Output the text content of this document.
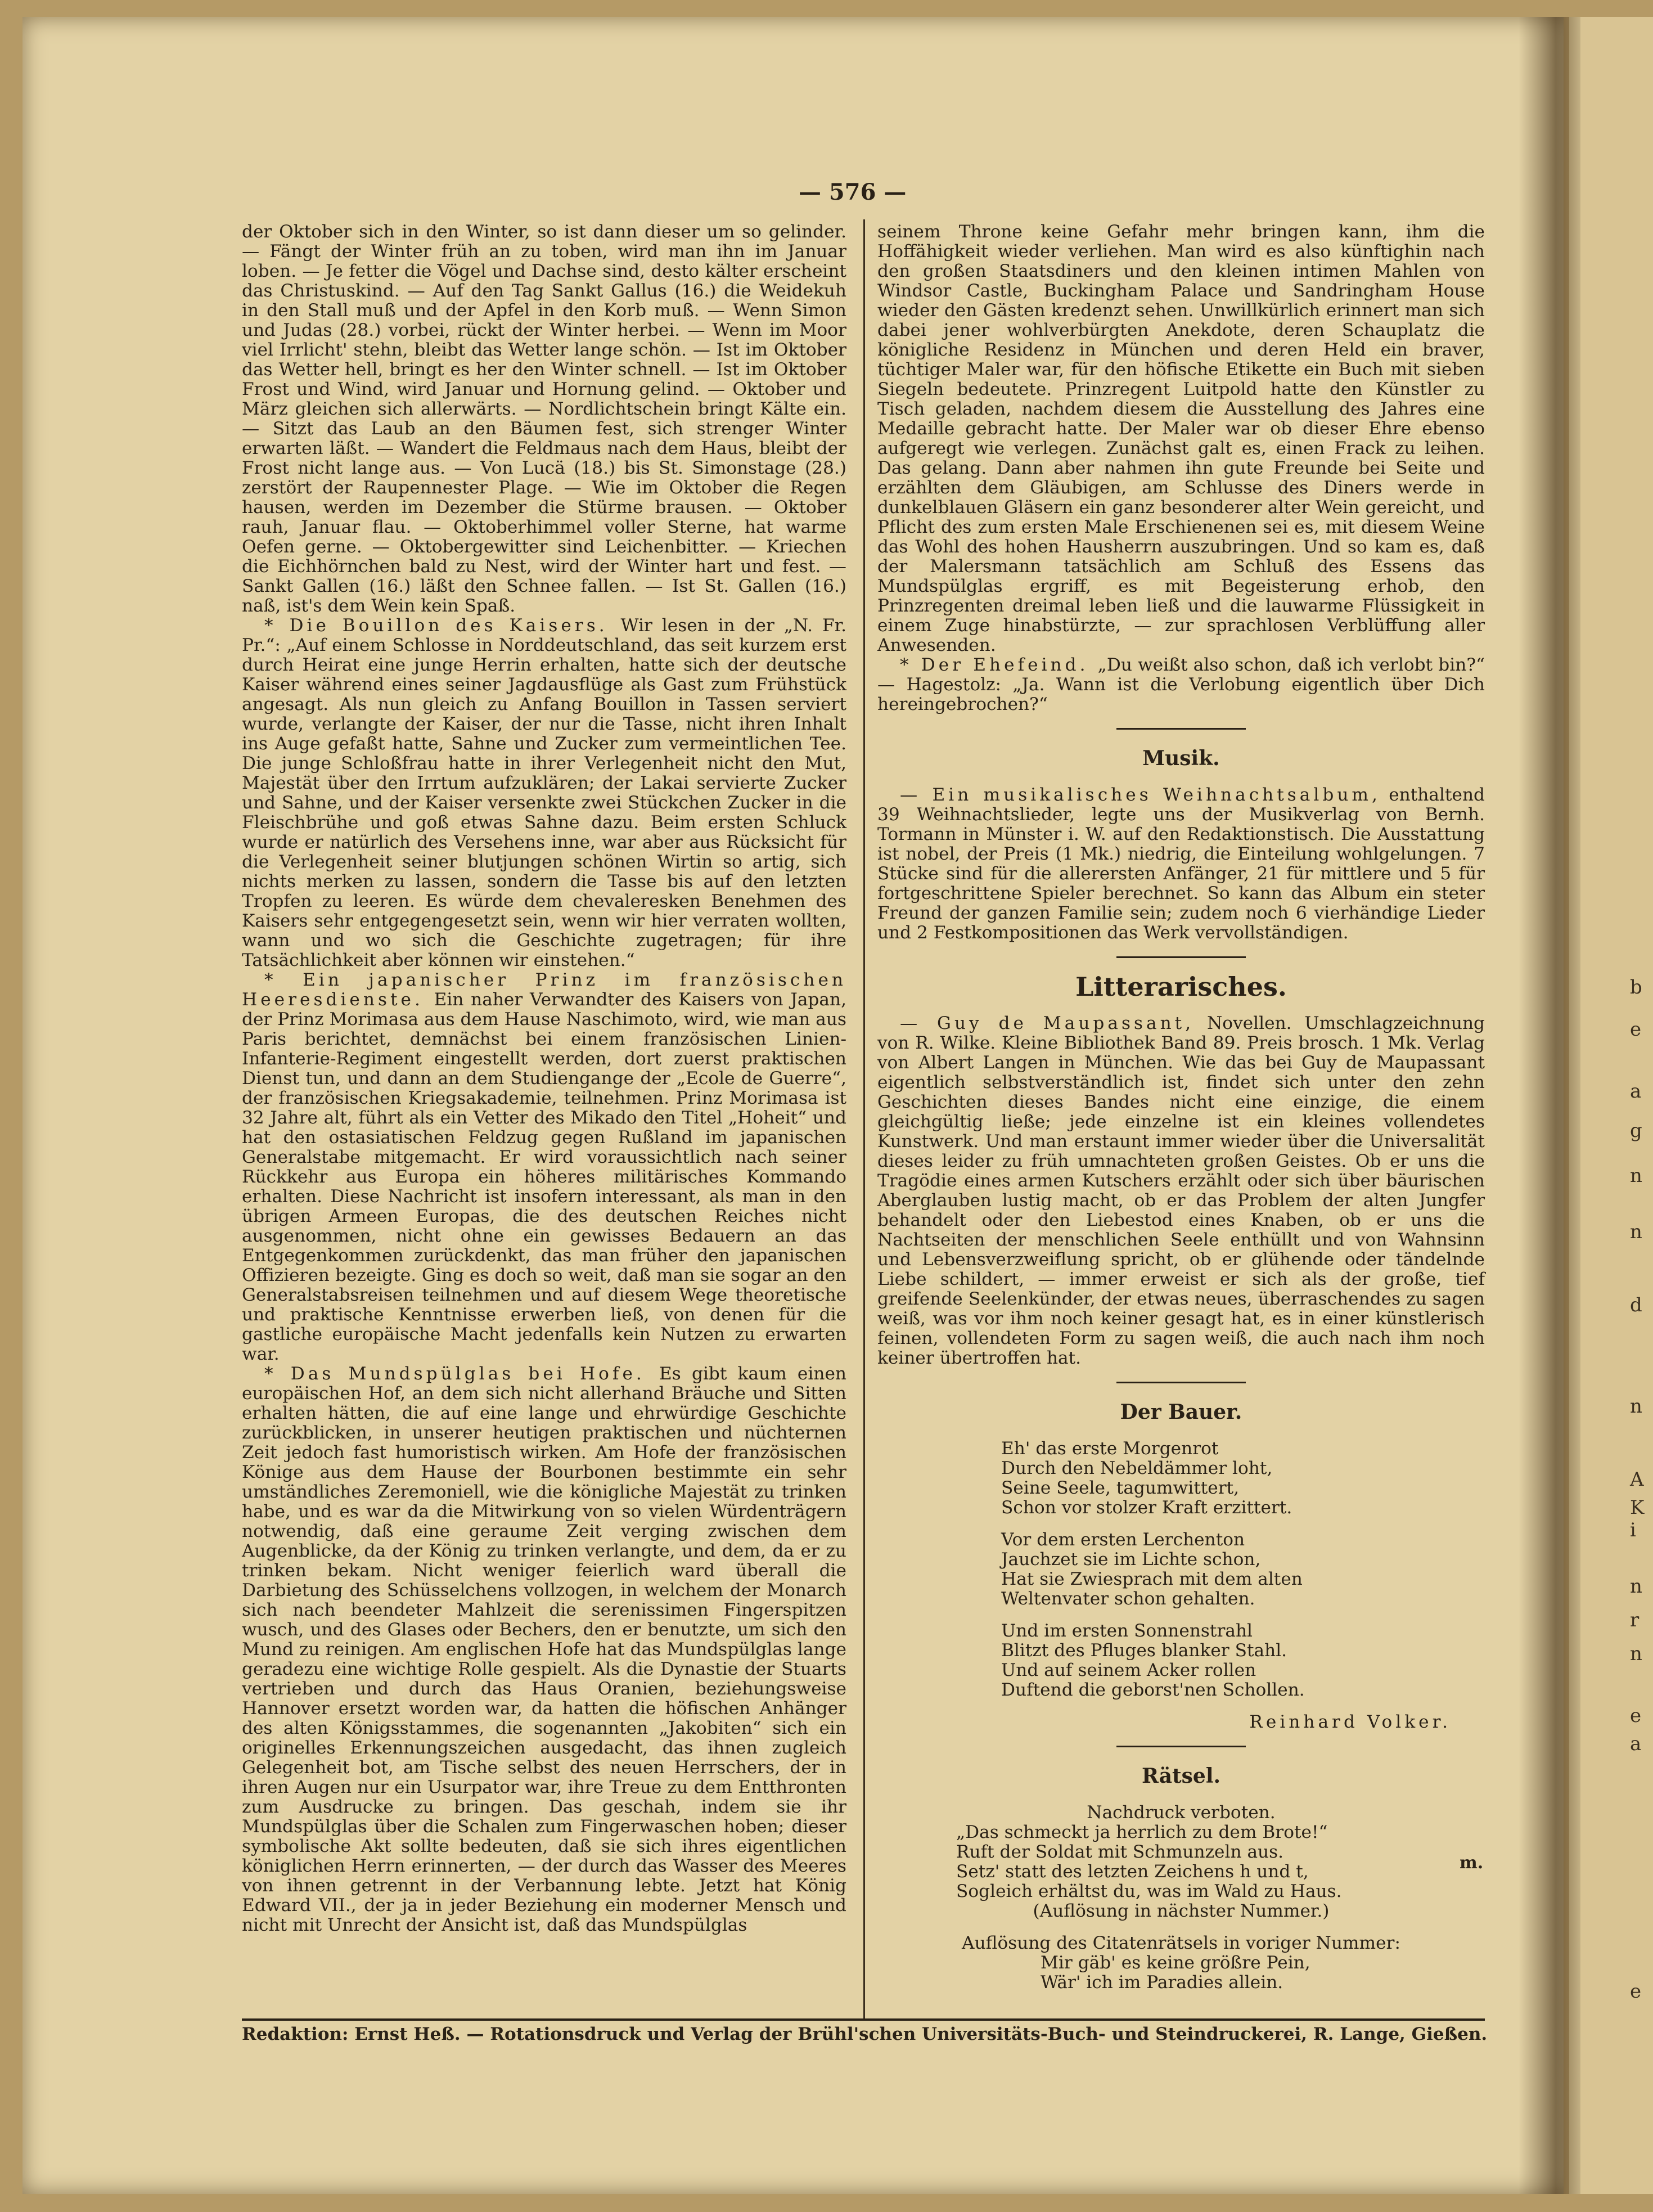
— 576 —

der Oktober sich in den Winter, so ist dann dieser um so gelinder. — Fängt der Winter früh an zu toben, wird man ihn im Januar loben. — Je fetter die Vögel und Dachse sind, desto kälter erscheint das Christuskind. — Auf den Tag Sankt Gallus (16.) die Weidekuh in den Stall muß und der Apfel in den Korb muß. — Wenn Simon und Judas (28.) vorbei, rückt der Winter herbei. — Wenn im Moor viel Irrlicht' stehn, bleibt das Wetter lange schön. — Ist im Oktober das Wetter hell, bringt es her den Winter schnell. — Ist im Oktober Frost und Wind, wird Januar und Hornung gelind. — Oktober und März gleichen sich allerwärts. — Nordlichtschein bringt Kälte ein. — Sitzt das Laub an den Bäumen fest, sich strenger Winter erwarten läßt. — Wandert die Feldmaus nach dem Haus, bleibt der Frost nicht lange aus. — Von Lucä (18.) bis St. Simonstage (28.) zerstört der Raupennester Plage. — Wie im Oktober die Regen hausen, werden im Dezember die Stürme brausen. — Oktober rauh, Januar flau. — Oktoberhimmel voller Sterne, hat warme Oefen gerne. — Oktobergewitter sind Leichenbitter. — Kriechen die Eichhörnchen bald zu Nest, wird der Winter hart und fest. — Sankt Gallen (16.) läßt den Schnee fallen. — Ist St. Gallen (16.) naß, ist's dem Wein kein Spaß.

* Die Bouillon des Kaisers. Wir lesen in der „N. Fr. Pr.“: „Auf einem Schlosse in Norddeutschland, das seit kurzem erst durch Heirat eine junge Herrin erhalten, hatte sich der deutsche Kaiser während eines seiner Jagdausflüge als Gast zum Frühstück angesagt. Als nun gleich zu Anfang Bouillon in Tassen serviert wurde, verlangte der Kaiser, der nur die Tasse, nicht ihren Inhalt ins Auge gefaßt hatte, Sahne und Zucker zum vermeintlichen Tee. Die junge Schloßfrau hatte in ihrer Verlegenheit nicht den Mut, Majestät über den Irrtum aufzuklären; der Lakai servierte Zucker und Sahne, und der Kaiser versenkte zwei Stückchen Zucker in die Fleischbrühe und goß etwas Sahne dazu. Beim ersten Schluck wurde er natürlich des Versehens inne, war aber aus Rücksicht für die Verlegenheit seiner blutjungen schönen Wirtin so artig, sich nichts merken zu lassen, sondern die Tasse bis auf den letzten Tropfen zu leeren. Es würde dem chevaleresken Benehmen des Kaisers sehr entgegengesetzt sein, wenn wir hier verraten wollten, wann und wo sich die Geschichte zugetragen; für ihre Tatsächlichkeit aber können wir einstehen.“

* Ein japanischer Prinz im französischen Heeresdienste. Ein naher Verwandter des Kaisers von Japan, der Prinz Morimasa aus dem Hause Naschimoto, wird, wie man aus Paris berichtet, demnächst bei einem französischen Linien-Infanterie-Regiment eingestellt werden, dort zuerst praktischen Dienst tun, und dann an dem Studiengange der „Ecole de Guerre“, der französischen Kriegsakademie, teilnehmen. Prinz Morimasa ist 32 Jahre alt, führt als ein Vetter des Mikado den Titel „Hoheit“ und hat den ostasiatischen Feldzug gegen Rußland im japanischen Generalstabe mitgemacht. Er wird voraussichtlich nach seiner Rückkehr aus Europa ein höheres militärisches Kommando erhalten. Diese Nachricht ist insofern interessant, als man in den übrigen Armeen Europas, die des deutschen Reiches nicht ausgenommen, nicht ohne ein gewisses Bedauern an das Entgegenkommen zurückdenkt, das man früher den japanischen Offizieren bezeigte. Ging es doch so weit, daß man sie sogar an den Generalstabsreisen teilnehmen und auf diesem Wege theoretische und praktische Kenntnisse erwerben ließ, von denen für die gastliche europäische Macht jedenfalls kein Nutzen zu erwarten war.

* Das Mundspülglas bei Hofe. Es gibt kaum einen europäischen Hof, an dem sich nicht allerhand Bräuche und Sitten erhalten hätten, die auf eine lange und ehrwürdige Geschichte zurückblicken, in unserer heutigen praktischen und nüchternen Zeit jedoch fast humoristisch wirken. Am Hofe der französischen Könige aus dem Hause der Bourbonen bestimmte ein sehr umständliches Zeremoniell, wie die königliche Majestät zu trinken habe, und es war da die Mitwirkung von so vielen Würdenträgern notwendig, daß eine geraume Zeit verging zwischen dem Augenblicke, da der König zu trinken verlangte, und dem, da er zu trinken bekam. Nicht weniger feierlich ward überall die Darbietung des Schüsselchens vollzogen, in welchem der Monarch sich nach beendeter Mahlzeit die serenissimen Fingerspitzen wusch, und des Glases oder Bechers, den er benutzte, um sich den Mund zu reinigen. Am englischen Hofe hat das Mundspülglas lange geradezu eine wichtige Rolle gespielt. Als die Dynastie der Stuarts vertrieben und durch das Haus Oranien, beziehungsweise Hannover ersetzt worden war, da hatten die höfischen Anhänger des alten Königsstammes, die sogenannten „Jakobiten“ sich ein originelles Erkennungszeichen ausgedacht, das ihnen zugleich Gelegenheit bot, am Tische selbst des neuen Herrschers, der in ihren Augen nur ein Usurpator war, ihre Treue zu dem Entthronten zum Ausdrucke zu bringen. Das geschah, indem sie ihr Mundspülglas über die Schalen zum Fingerwaschen hoben; dieser symbolische Akt sollte bedeuten, daß sie sich ihres eigentlichen königlichen Herrn erinnerten, — der durch das Wasser des Meeres von ihnen getrennt in der Verbannung lebte. Jetzt hat König Edward VII., der ja in jeder Beziehung ein moderner Mensch und nicht mit Unrecht der Ansicht ist, daß das Mundspülglas

seinem Throne keine Gefahr mehr bringen kann, ihm die Hoffähigkeit wieder verliehen. Man wird es also künftighin nach den großen Staatsdiners und den kleinen intimen Mahlen von Windsor Castle, Buckingham Palace und Sandringham House wieder den Gästen kredenzt sehen. Unwillkürlich erinnert man sich dabei jener wohlverbürgten Anekdote, deren Schauplatz die königliche Residenz in München und deren Held ein braver, tüchtiger Maler war, für den höfische Etikette ein Buch mit sieben Siegeln bedeutete. Prinzregent Luitpold hatte den Künstler zu Tisch geladen, nachdem diesem die Ausstellung des Jahres eine Medaille gebracht hatte. Der Maler war ob dieser Ehre ebenso aufgeregt wie verlegen. Zunächst galt es, einen Frack zu leihen. Das gelang. Dann aber nahmen ihn gute Freunde bei Seite und erzählten dem Gläubigen, am Schlusse des Diners werde in dunkelblauen Gläsern ein ganz besonderer alter Wein gereicht, und Pflicht des zum ersten Male Erschienenen sei es, mit diesem Weine das Wohl des hohen Hausherrn auszubringen. Und so kam es, daß der Malersmann tatsächlich am Schluß des Essens das Mundspülglas ergriff, es mit Begeisterung erhob, den Prinzregenten dreimal leben ließ und die lauwarme Flüssigkeit in einem Zuge hinabstürzte, — zur sprachlosen Verblüffung aller Anwesenden.

* Der Ehefeind. „Du weißt also schon, daß ich verlobt bin?“ — Hagestolz: „Ja. Wann ist die Verlobung eigentlich über Dich hereingebrochen?“

Musik.

— Ein musikalisches Weihnachtsalbum, enthaltend 39 Weihnachtslieder, legte uns der Musikverlag von Bernh. Tormann in Münster i. W. auf den Redaktionstisch. Die Ausstattung ist nobel, der Preis (1 Mk.) niedrig, die Einteilung wohlgelungen. 7 Stücke sind für die allerersten Anfänger, 21 für mittlere und 5 für fortgeschrittene Spieler berechnet. So kann das Album ein steter Freund der ganzen Familie sein; zudem noch 6 vierhändige Lieder und 2 Festkompositionen das Werk vervollständigen.

Litterarisches.

— Guy de Maupassant, Novellen. Umschlagzeichnung von R. Wilke. Kleine Bibliothek Band 89. Preis brosch. 1 Mk. Verlag von Albert Langen in München. Wie das bei Guy de Maupassant eigentlich selbstverständlich ist, findet sich unter den zehn Geschichten dieses Bandes nicht eine einzige, die einem gleichgültig ließe; jede einzelne ist ein kleines vollendetes Kunstwerk. Und man erstaunt immer wieder über die Universalität dieses leider zu früh umnachteten großen Geistes. Ob er uns die Tragödie eines armen Kutschers erzählt oder sich über bäurischen Aberglauben lustig macht, ob er das Problem der alten Jungfer behandelt oder den Liebestod eines Knaben, ob er uns die Nachtseiten der menschlichen Seele enthüllt und von Wahnsinn und Lebensverzweiflung spricht, ob er glühende oder tändelnde Liebe schildert, — immer erweist er sich als der große, tief greifende Seelenkünder, der etwas neues, überraschendes zu sagen weiß, was vor ihm noch keiner gesagt hat, es in einer künstlerisch feinen, vollendeten Form zu sagen weiß, die auch nach ihm noch keiner übertroffen hat.

Der Bauer.
Eh' das erste Morgenrot
Durch den Nebeldämmer loht,
Seine Seele, tagumwittert,
Schon vor stolzer Kraft erzittert.
Vor dem ersten Lerchenton
Jauchzet sie im Lichte schon,
Hat sie Zwiesprach mit dem alten
Weltenvater schon gehalten.
Und im ersten Sonnenstrahl
Blitzt des Pfluges blanker Stahl.
Und auf seinem Acker rollen
Duftend die geborst'nen Schollen.
Reinhard Volker.
Rätsel.
Nachdruck verboten.
„Das schmeckt ja herrlich zu dem Brote!“
Ruft der Soldat mit Schmunzeln aus.
Setz' statt des letzten Zeichens h und t,
Sogleich erhältst du, was im Wald zu Haus.
(Auflösung in nächster Nummer.)
Auflösung des Citatenrätsels in voriger Nummer:
Mir gäb' es keine größre Pein,
Wär' ich im Paradies allein.
m.
Redaktion: Ernst Heß. — Rotationsdruck und Verlag der Brühl'schen Universitäts-Buch- und Steindruckerei, R. Lange, Gießen.
b
e
a
g
n
n
d
n
A
K
i
n
r
n
e
a
e
